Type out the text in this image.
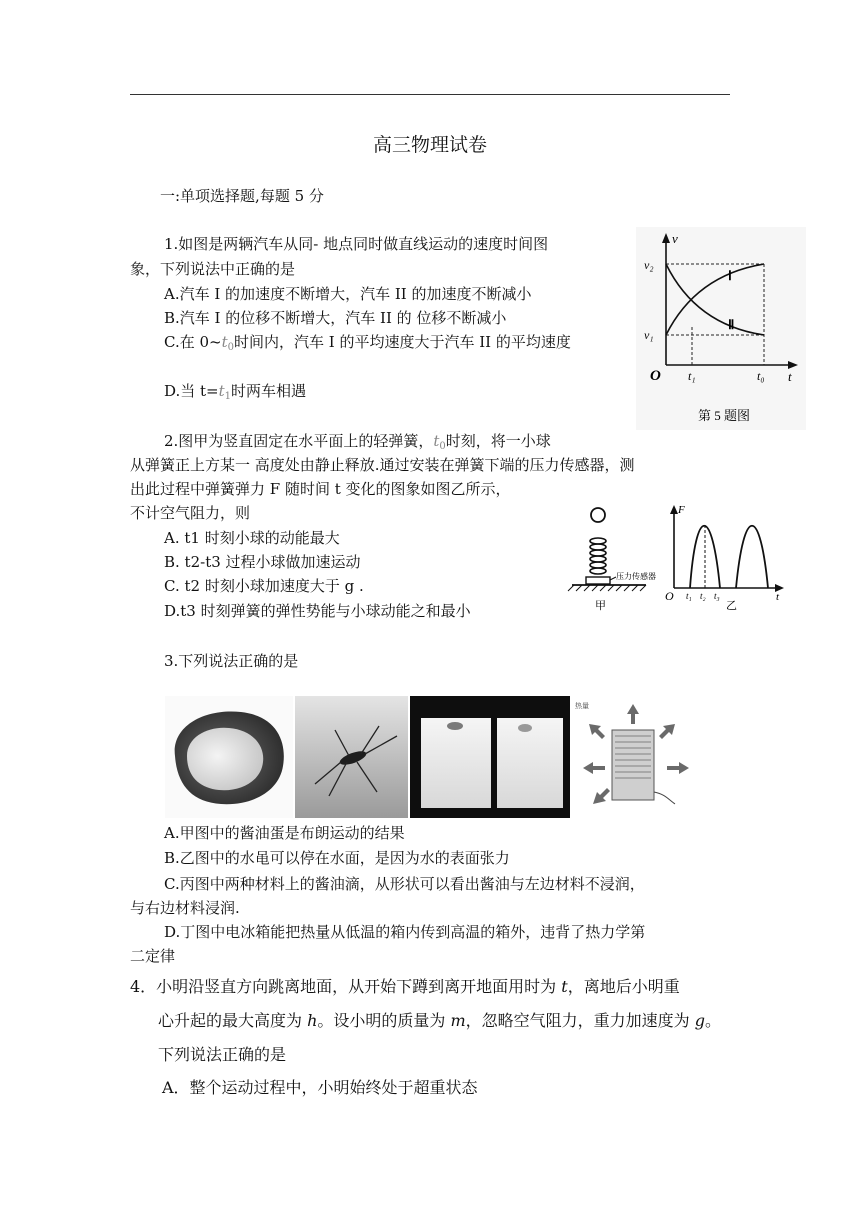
高三物理试卷
一:单项选择题,每题 5 分
1.如图是两辆汽车从同- 地点同时做直线运动的速度时间图
象，下列说法中正确的是
A.汽车 I 的加速度不断增大，汽车 II 的加速度不断减小
B.汽车 I 的位移不断增大，汽车 II 的 位移不断减小
C.在 $0\sim t_0$时间内，汽车 I 的平均速度大于汽车 II 的平均速度
D.当 $t=t_1$时两车相遇
v
v₂
v₁
O t₁	t₀ t
Ⅰ
Ⅱ
第 5 题图
2.图甲为竖直固定在水平面上的轻弹簧，$t_0$时刻，将一小球
从弹簧正上方某一 高度处由静止释放.通过安装在弹簧下端的压力传感器，测
出此过程中弹簧弹力 F 随时间 t 变化的图象如图乙所示，
不计空气阻力，则
A. t1 时刻小球的动能最大
B. t2-t3 过程小球做加速运动
C. t2 时刻小球加速度大于 g .
D.t3 时刻弹簧的弹性势能与小球动能之和最小
压力传感器
甲
F
O t₁ t₂ t₃	t
乙
3.下列说法正确的是
热量
A.甲图中的酱油蛋是布朗运动的结果
B.乙图中的水黾可以停在水面，是因为水的表面张力
C.丙图中两种材料上的酱油滴，从形状可以看出酱油与左边材料不浸润，
与右边材料浸润.
D.丁图中电冰箱能把热量从低温的箱内传到高温的箱外，违背了热力学第
二定律
4．小明沿竖直方向跳离地面，从开始下蹲到离开地面用时为 t，离地后小明重
心升起的最大高度为 h。设小明的质量为 m，忽略空气阻力，重力加速度为 g。
下列说法正确的是
A．整个运动过程中，小明始终处于超重状态
